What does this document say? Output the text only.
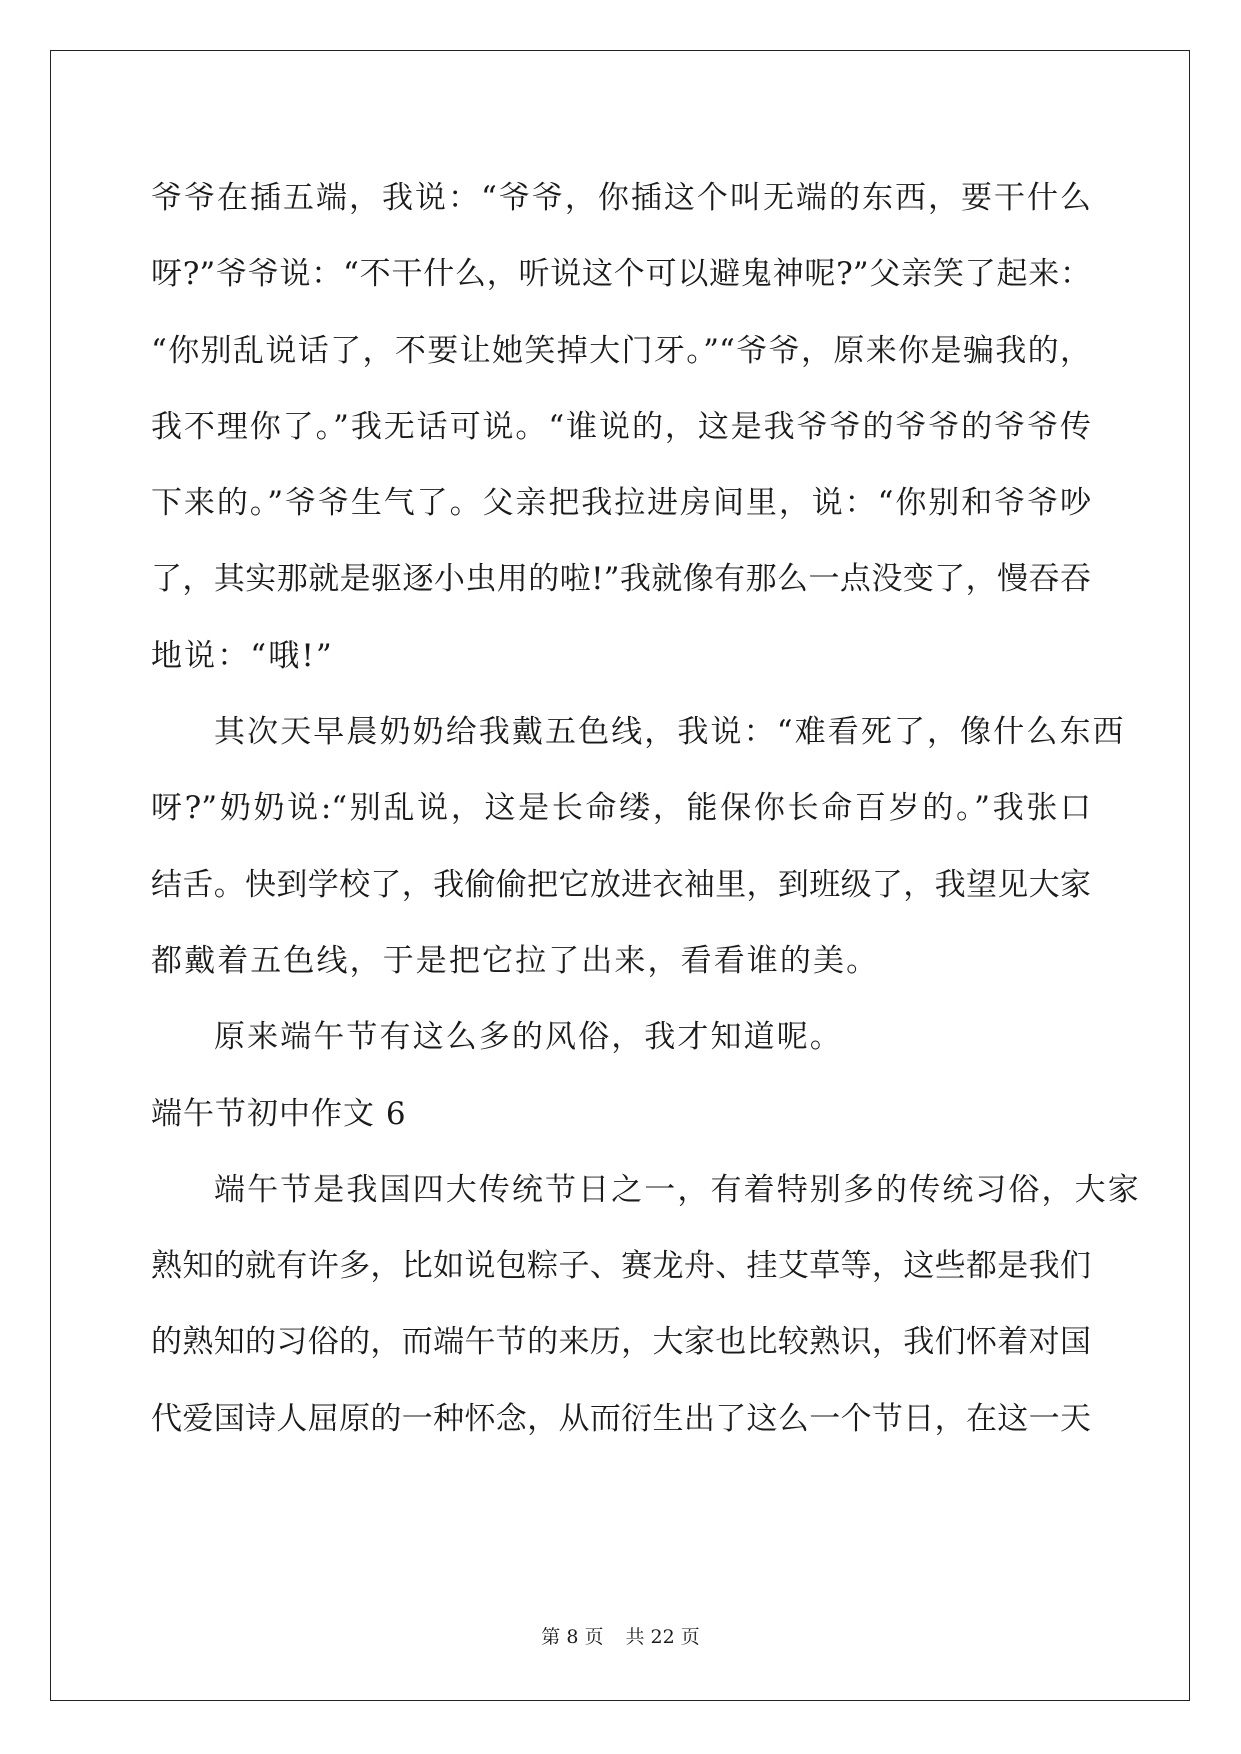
爷爷在插五端，我说：“爷爷，你插这个叫无端的东西，要干什么
呀?”爷爷说：“不干什么，听说这个可以避鬼神呢?”父亲笑了起来：
“你别乱说话了，不要让她笑掉大门牙。”“爷爷，原来你是骗我的，
我不理你了。”我无话可说。“谁说的，这是我爷爷的爷爷的爷爷传
下来的。”爷爷生气了。父亲把我拉进房间里，说：“你别和爷爷吵
了，其实那就是驱逐小虫用的啦!”我就像有那么一点没变了，慢吞吞
地说：“哦!”
其次天早晨奶奶给我戴五色线，我说：“难看死了，像什么东西
呀?”奶奶说:“别乱说，这是长命缕，能保你长命百岁的。”我张口
结舌。快到学校了，我偷偷把它放进衣袖里，到班级了，我望见大家
都戴着五色线，于是把它拉了出来，看看谁的美。
原来端午节有这么多的风俗，我才知道呢。
端午节初中作文 6
端午节是我国四大传统节日之一，有着特别多的传统习俗，大家
熟知的就有许多，比如说包粽子、赛龙舟、挂艾草等，这些都是我们
的熟知的习俗的，而端午节的来历，大家也比较熟识，我们怀着对国
代爱国诗人屈原的一种怀念，从而衍生出了这么一个节日，在这一天
第 8 页 共 22 页
